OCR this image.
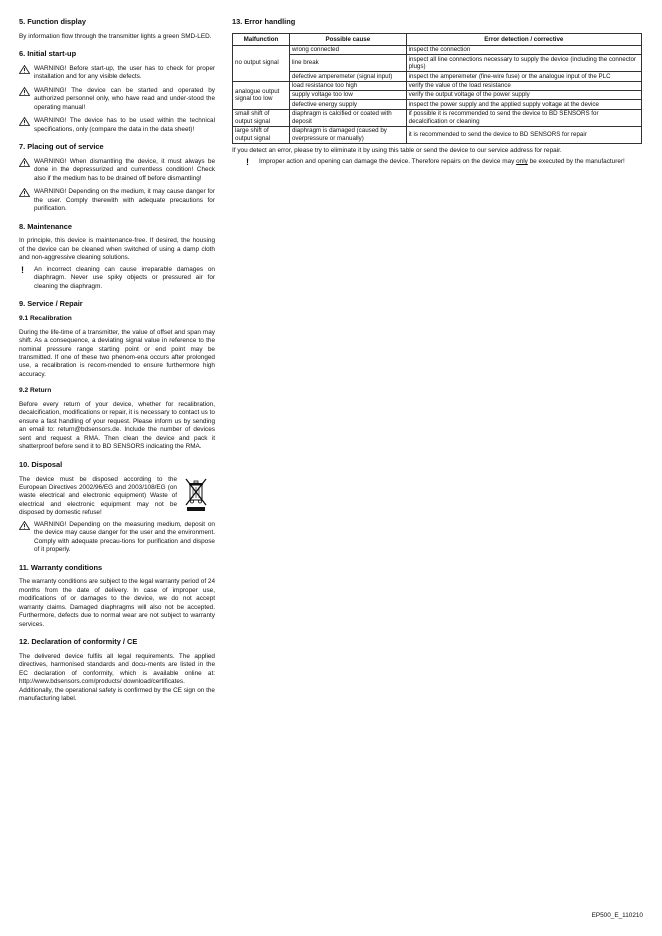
5. Function display

By information flow through the transmitter lights a green SMD-LED.

6. Initial start-up
WARNING! Before start-up, the user has to check for proper installation and for any visible defects.
WARNING! The device can be started and operated by authorized personnel only, who have read and under-stood the operating manual!
WARNING! The device has to be used within the technical specifications, only (compare the data in the data sheet)!
7. Placing out of service
WARNING! When dismantling the device, it must always be done in the depressurized and currentless condition! Check also if the medium has to be drained off before dismantling!
WARNING! Depending on the medium, it may cause danger for the user. Comply therewith with adequate precautions for purification.
8. Maintenance

In principle, this device is maintenance-free. If desired, the housing of the device can be cleaned when switched of using a damp cloth and non-aggressive cleaning solutions.

!	An incorrect cleaning can cause irreparable damages on diaphragm. Never use spiky objects or pressured air for cleaning the diaphragm.
9. Service / Repair
9.1 Recalibration

During the life-time of a transmitter, the value of offset and span may shift. As a consequence, a deviating signal value in reference to the nominal pressure range starting point or end point may be transmitted. If one of these two phenom-ena occurs after prolonged use, a recalibration is recom-mended to ensure furthermore high accuracy.

9.2 Return

Before every return of your device, whether for recalibration, decalcification, modifications or repair, it is necessary to contact us to ensure a fast handling of your request. Please inform us by sending an email to: return@bdsensors.de. Include the number of devices sent and request a RMA. Then clean the device and pack it shatterproof before send it to BD SENSORS indicating the RMA.

10. Disposal

The device must be disposed according to the European Directives 2002/96/EG and 2003/108/EG (on waste electrical and electronic equipment) Waste of electrical and electronic equipment may not be disposed by domestic refuse!

WARNING! Depending on the measuring medium, deposit on the device may cause danger for the user and the environment. Comply with adequate precau-tions for purification and dispose of it properly.
11. Warranty conditions

The warranty conditions are subject to the legal warranty period of 24 months from the date of delivery. In case of improper use, modifications of or damages to the device, we do not accept warranty claims. Damaged diaphragms will also not be accepted. Furthermore, defects due to normal wear are not subject to warranty services.

12. Declaration of conformity / CE

The delivered device fulfils all legal requirements. The applied directives, harmonised standards and docu-ments are listed in the EC declaration of conformity, which is available online at: http://www.bdsensors.com/products/ download/certificates.

Additionally, the operational safety is confirmed by the CE sign on the manufacturing label.

13. Error handling
Malfunction	Possible cause	Error detection / corrective
no output signal	wrong connected	inspect the connection
	line break	inspect all line connections necessary to supply the device (including the connector plugs)
	defective amperemeter (signal input)	inspect the amperemeter (fine-wire fuse) or the analogue input of the PLC
analogue output signal too low	load resistance too high	verify the value of the load resistance
	supply voltage too low	verify the output voltage of the power supply
	defective energy supply	inspect the power supply and the applied supply voltage at the device
small shift of output signal	diaphragm is calcified or coated with deposit	if possible it is recommended to send the device to BD SENSORS for decalcification or cleaning
large shift of output signal	diaphragm is damaged (caused by overpressure or manually)	it is recommended to send the device to BD SENSORS for repair

If you detect an error, please try to eliminate it by using this table or send the device to our service address for repair.

!	Improper action and opening can damage the device. Therefore repairs on the device may only be executed by the manufacturer!
EP500_E_110210
